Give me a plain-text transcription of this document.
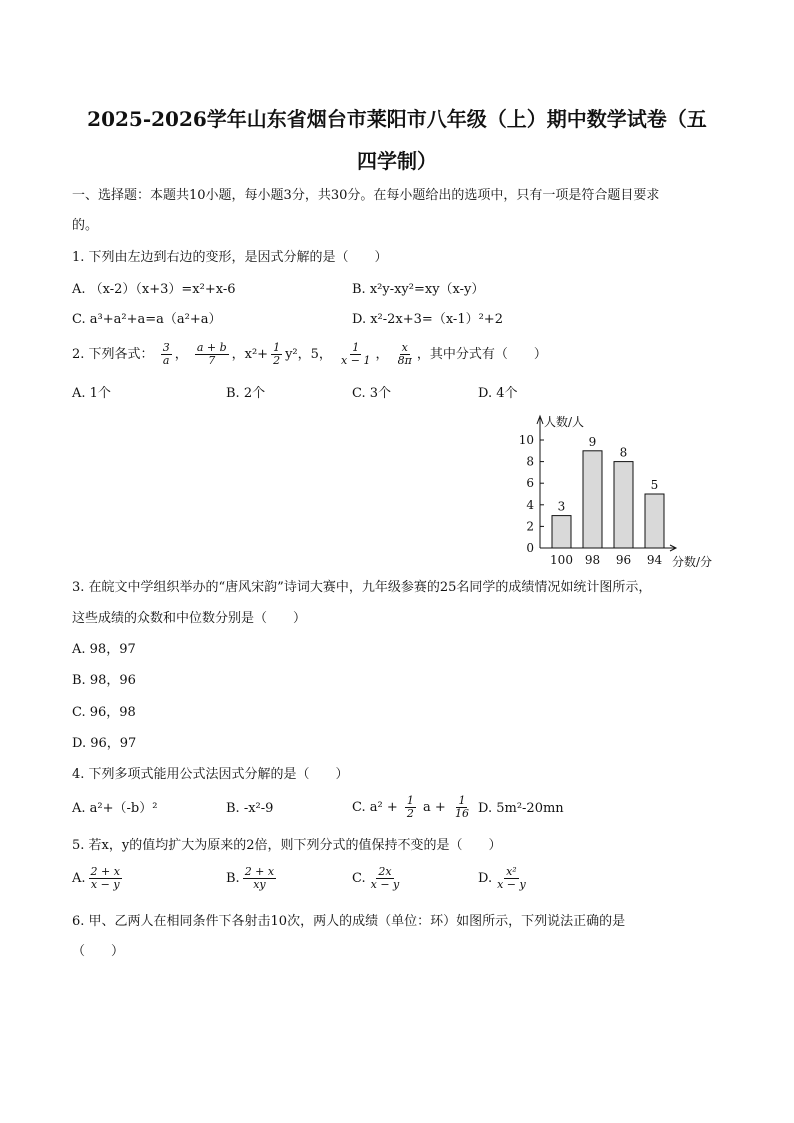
2025-2026学年山东省烟台市莱阳市八年级（上）期中数学试卷（五
四学制）
一、选择题：本题共10小题，每小题3分，共30分。在每小题给出的选项中，只有一项是符合题目要求
的。
1. 下列由左边到右边的变形，是因式分解的是（　　）
A. （x-2）（x+3）=x²+x-6	B. x²y-xy²=xy（x-y）
C. a³+a²+a=a（a²+a）	D. x²-2x+3=（x-1）²+2
2. 下列各式： $\frac{3}{a}$ ， $\frac{a + b}{7}$ ，$x^2+ \frac{1}{2} y^2$，5， $\frac{1}{x - 1}$ ， $\frac{x}{8\pi}$ ，其中分式有（　　）
A. 1个	B. 2个	C. 3个	D. 4个
0
2
4
6
8
10
人数/人
分数/分
3
100
9
98
8
96
5
94
3. 在皖文中学组织举办的“唐风宋韵”诗词大赛中，九年级参赛的25名同学的成绩情况如统计图所示，
这些成绩的众数和中位数分别是（　　）
A. 98，97
B. 98，96
C. 96，98
D. 96，97
4. 下列多项式能用公式法因式分解的是（　　）
A. a²+（-b）²	B. -x²-9	C. $a^2 + \frac{1}{2}$ $a + \frac{1}{16} D$. 5m²-20mn
5. 若x，y的值均扩大为原来的2倍，则下列分式的值保持不变的是（　　）
A. $\frac{2 + x}{x - y}$	B. $\frac{2 + x}{xy}$	C. $\frac{2x}{x - y}$	D. $\frac{\text{x²}}{x - y}$
6. 甲、乙两人在相同条件下各射击10次，两人的成绩（单位：环）如图所示，下列说法正确的是
（　　）
